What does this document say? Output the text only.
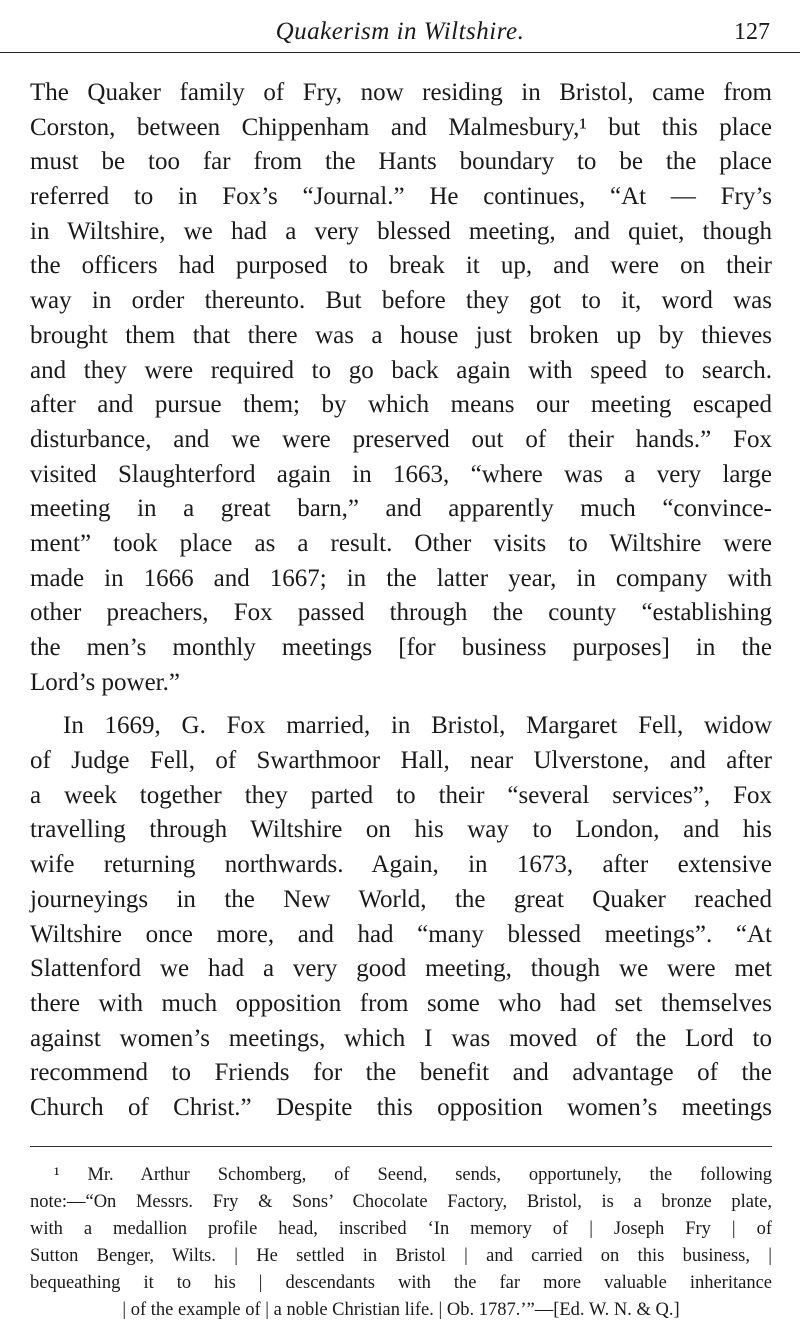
Quakerism in Wiltshire.	127
The Quaker family of Fry, now residing in Bristol, came from
Corston, between Chippenham and Malmesbury,¹ but this place
must be too far from the Hants boundary to be the place
referred to in Fox’s “Journal.” He continues, “At — Fry’s
in Wiltshire, we had a very blessed meeting, and quiet, though
the officers had purposed to break it up, and were on their
way in order thereunto. But before they got to it, word was
brought them that there was a house just broken up by thieves
and they were required to go back again with speed to search.
after and pursue them; by which means our meeting escaped
disturbance, and we were preserved out of their hands.” Fox
visited Slaughterford again in 1663, “where was a very large
meeting in a great barn,” and apparently much “convince-
ment” took place as a result. Other visits to Wiltshire were
made in 1666 and 1667; in the latter year, in company with
other preachers, Fox passed through the county “establishing
the men’s monthly meetings [for business purposes] in the
Lord’s power.”
In 1669, G. Fox married, in Bristol, Margaret Fell, widow
of Judge Fell, of Swarthmoor Hall, near Ulverstone, and after
a week together they parted to their “several services”, Fox
travelling through Wiltshire on his way to London, and his
wife returning northwards. Again, in 1673, after extensive
journeyings in the New World, the great Quaker reached
Wiltshire once more, and had “many blessed meetings”. “At
Slattenford we had a very good meeting, though we were met
there with much opposition from some who had set themselves
against women’s meetings, which I was moved of the Lord to
recommend to Friends for the benefit and advantage of the
Church of Christ.” Despite this opposition women’s meetings
¹ Mr. Arthur Schomberg, of Seend, sends, opportunely, the following
note:—“On Messrs. Fry & Sons’ Chocolate Factory, Bristol, is a bronze plate,
with a medallion profile head, inscribed ‘In memory of | Joseph Fry | of
Sutton Benger, Wilts. | He settled in Bristol | and carried on this business, |
bequeathing it to his | descendants with the far more valuable inheritance
| of the example of | a noble Christian life. | Ob. 1787.’”—[Ed. W. N. & Q.]
